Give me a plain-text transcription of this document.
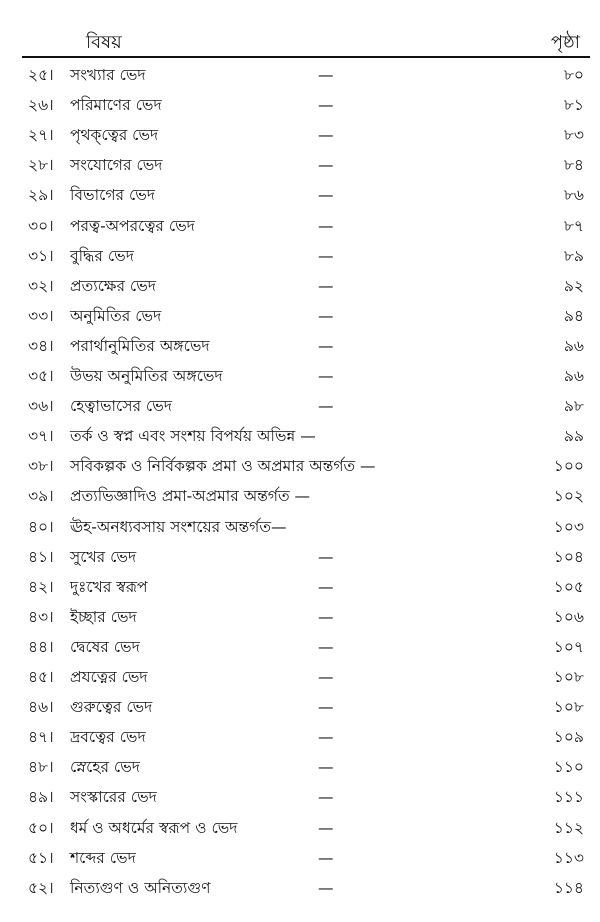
বিষয়	পৃষ্ঠা
২৫। সংখ্যার ভেদ	—	৮০
২৬। পরিমাণের ভেদ	—	৮১
২৭। পৃথক্‌ত্বের ভেদ	—	৮৩
২৮। সংযোগের ভেদ	—	৮৪
২৯। বিভাগের ভেদ	—	৮৬
৩০। পরত্ব-অপরত্বের ভেদ	—	৮৭
৩১। বুদ্ধির ভেদ	—	৮৯
৩২। প্রত্যক্ষের ভেদ	—	৯২
৩৩। অনুমিতির ভেদ	—	৯৪
৩৪। পরার্থানুমিতির অঙ্গভেদ	—	৯৬
৩৫। উভয় অনুমিতির অঙ্গভেদ	—	৯৬
৩৬। হেত্বাভাসের ভেদ	—	৯৮
৩৭। তর্ক ও স্বপ্ন এবং সংশয় বিপর্যয় অভিন্ন —	৯৯
৩৮। সবিকল্পক ও নির্বিকল্পক প্রমা ও অপ্রমার অন্তর্গত —	১০০
৩৯। প্রত্যভিজ্ঞাদিও প্রমা-অপ্রমার অন্তর্গত —	১০২
৪০। ঊহ-অনধ্যবসায় সংশয়ের অন্তর্গত—	১০৩
৪১। সুখের ভেদ	—	১০৪
৪২। দুঃখের স্বরূপ	—	১০৫
৪৩। ইচ্ছার ভেদ	—	১০৬
৪৪। দ্বেষের ভেদ	—	১০৭
৪৫। প্রযত্নের ভেদ	—	১০৮
৪৬। গুরুত্বের ভেদ	—	১০৮
৪৭। দ্রবত্বের ভেদ	—	১০৯
৪৮। স্নেহের ভেদ	—	১১০
৪৯। সংস্কারের ভেদ	—	১১১
৫০। ধর্ম ও অধর্মের স্বরূপ ও ভেদ	—	১১২
৫১। শব্দের ভেদ	—	১১৩
৫২। নিত্যগুণ ও অনিত্যগুণ	—	১১৪
